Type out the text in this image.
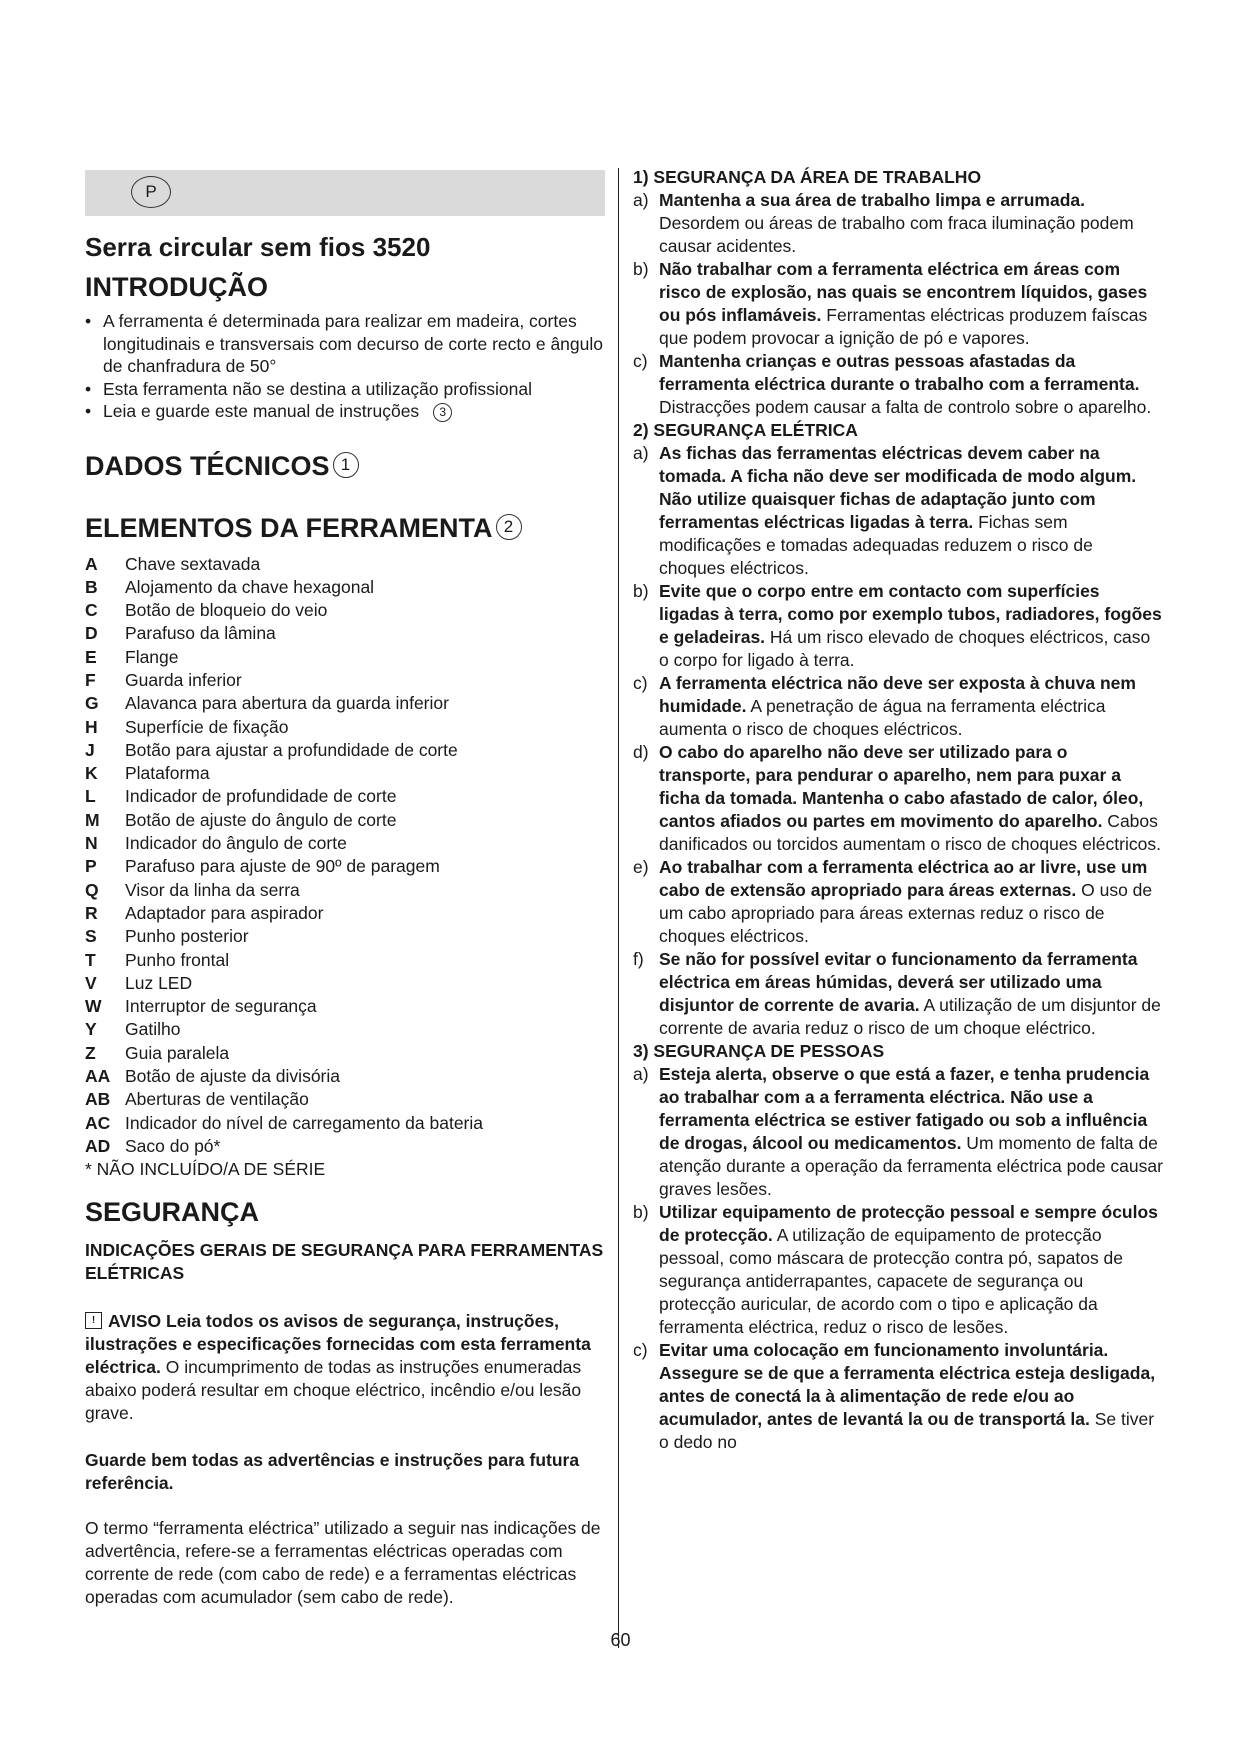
P
Serra circular sem fios 3520
INTRODUÇÃO
• A ferramenta é determinada para realizar em madeira, cortes longitudinais e transversais com decurso de corte recto e ângulo de chanfradura de 50°
• Esta ferramenta não se destina a utilização profissional
• Leia e guarde este manual de instruções 3
DADOS TÉCNICOS 1
ELEMENTOS DA FERRAMENTA 2
A	Chave sextavada
B	Alojamento da chave hexagonal
C	Botão de bloqueio do veio
D	Parafuso da lâmina
E	Flange
F	Guarda inferior
G	Alavanca para abertura da guarda inferior
H	Superfície de fixação
J	Botão para ajustar a profundidade de corte
K	Plataforma
L	Indicador de profundidade de corte
M	Botão de ajuste do ângulo de corte
N	Indicador do ângulo de corte
P	Parafuso para ajuste de 90º de paragem
Q	Visor da linha da serra
R	Adaptador para aspirador
S	Punho posterior
T	Punho frontal
V	Luz LED
W	Interruptor de segurança
Y	Gatilho
Z	Guia paralela
AA Botão de ajuste da divisória
AB Aberturas de ventilação
AC Indicador do nível de carregamento da bateria
AD Saco do pó*
* NÃO INCLUÍDO/A DE SÉRIE
SEGURANÇA

INDICAÇÕES GERAIS DE SEGURANÇA PARA FERRAMENTAS ELÉTRICAS

! AVISO Leia todos os avisos de segurança, instruções, ilustrações e especificações fornecidas com esta ferramenta eléctrica. O incumprimento de todas as instruções enumeradas abaixo poderá resultar em choque eléctrico, incêndio e/ou lesão grave.

Guarde bem todas as advertências e instruções para futura referência.

O termo “ferramenta eléctrica” utilizado a seguir nas indicações de advertência, refere-se a ferramentas eléctricas operadas com corrente de rede (com cabo de rede) e a ferramentas eléctricas operadas com acumulador (sem cabo de rede).

1) SEGURANÇA DA ÁREA DE TRABALHO
a) Mantenha a sua área de trabalho limpa e arrumada. Desordem ou áreas de trabalho com fraca iluminação podem causar acidentes.
b) Não trabalhar com a ferramenta eléctrica em áreas com risco de explosão, nas quais se encontrem líquidos, gases ou pós inflamáveis. Ferramentas eléctricas produzem faíscas que podem provocar a ignição de pó e vapores.
c) Mantenha crianças e outras pessoas afastadas da ferramenta eléctrica durante o trabalho com a ferramenta. Distracções podem causar a falta de controlo sobre o aparelho.
2) SEGURANÇA ELÉTRICA
a) As fichas das ferramentas eléctricas devem caber na tomada. A ficha não deve ser modificada de modo algum. Não utilize quaisquer fichas de adaptação junto com ferramentas eléctricas ligadas à terra. Fichas sem modificações e tomadas adequadas reduzem o risco de choques eléctricos.
b) Evite que o corpo entre em contacto com superfícies ligadas à terra, como por exemplo tubos, radiadores, fogões e geladeiras. Há um risco elevado de choques eléctricos, caso o corpo for ligado à terra.
c) A ferramenta eléctrica não deve ser exposta à chuva nem humidade. A penetração de água na ferramenta eléctrica aumenta o risco de choques eléctricos.
d) O cabo do aparelho não deve ser utilizado para o transporte, para pendurar o aparelho, nem para puxar a ficha da tomada. Mantenha o cabo afastado de calor, óleo, cantos afiados ou partes em movimento do aparelho. Cabos danificados ou torcidos aumentam o risco de choques eléctricos.
e) Ao trabalhar com a ferramenta eléctrica ao ar livre, use um cabo de extensão apropriado para áreas externas. O uso de um cabo apropriado para áreas externas reduz o risco de choques eléctricos.
f) Se não for possível evitar o funcionamento da ferramenta eléctrica em áreas húmidas, deverá ser utilizado uma disjuntor de corrente de avaria. A utilização de um disjuntor de corrente de avaria reduz o risco de um choque eléctrico.
3) SEGURANÇA DE PESSOAS
a) Esteja alerta, observe o que está a fazer, e tenha prudencia ao trabalhar com a a ferramenta eléctrica. Não use a ferramenta eléctrica se estiver fatigado ou sob a influência de drogas, álcool ou medicamentos. Um momento de falta de atenção durante a operação da ferramenta eléctrica pode causar graves lesões.
b) Utilizar equipamento de protecção pessoal e sempre óculos de protecção. A utilização de equipamento de protecção pessoal, como máscara de protecção contra pó, sapatos de segurança antiderrapantes, capacete de segurança ou protecção auricular, de acordo com o tipo e aplicação da ferramenta eléctrica, reduz o risco de lesões.
c) Evitar uma colocação em funcionamento involuntária. Assegure se de que a ferramenta eléctrica esteja desligada, antes de conectá la à alimentação de rede e/ou ao acumulador, antes de levantá la ou de transportá la. Se tiver o dedo no
60
